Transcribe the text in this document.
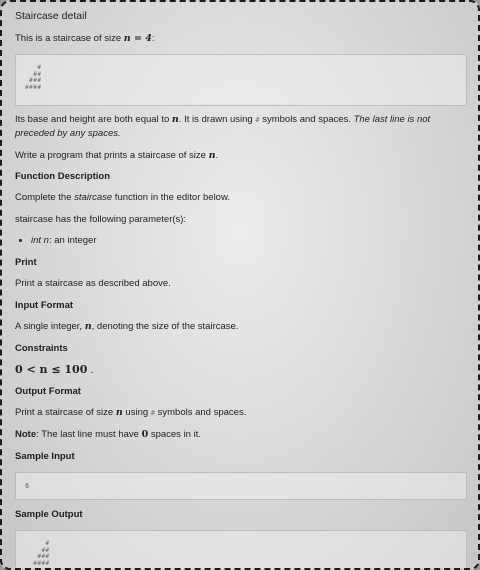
Staircase detail
This is a staircase of size n = 4:
#
##
###
####

Its base and height are both equal to n. It is drawn using # symbols and spaces. The last line is not preceded by any spaces.

Write a program that prints a staircase of size n.
Function Description
Complete the staircase function in the editor below.
staircase has the following parameter(s):
• int n: an integer
Print
Print a staircase as described above.
Input Format
A single integer, n, denoting the size of the staircase.
Constraints
0 < n ≤ 100 .
Output Format
Print a staircase of size n using # symbols and spaces.
Note: The last line must have 0 spaces in it.
Sample Input
6
Sample Output
#
##
###
####
